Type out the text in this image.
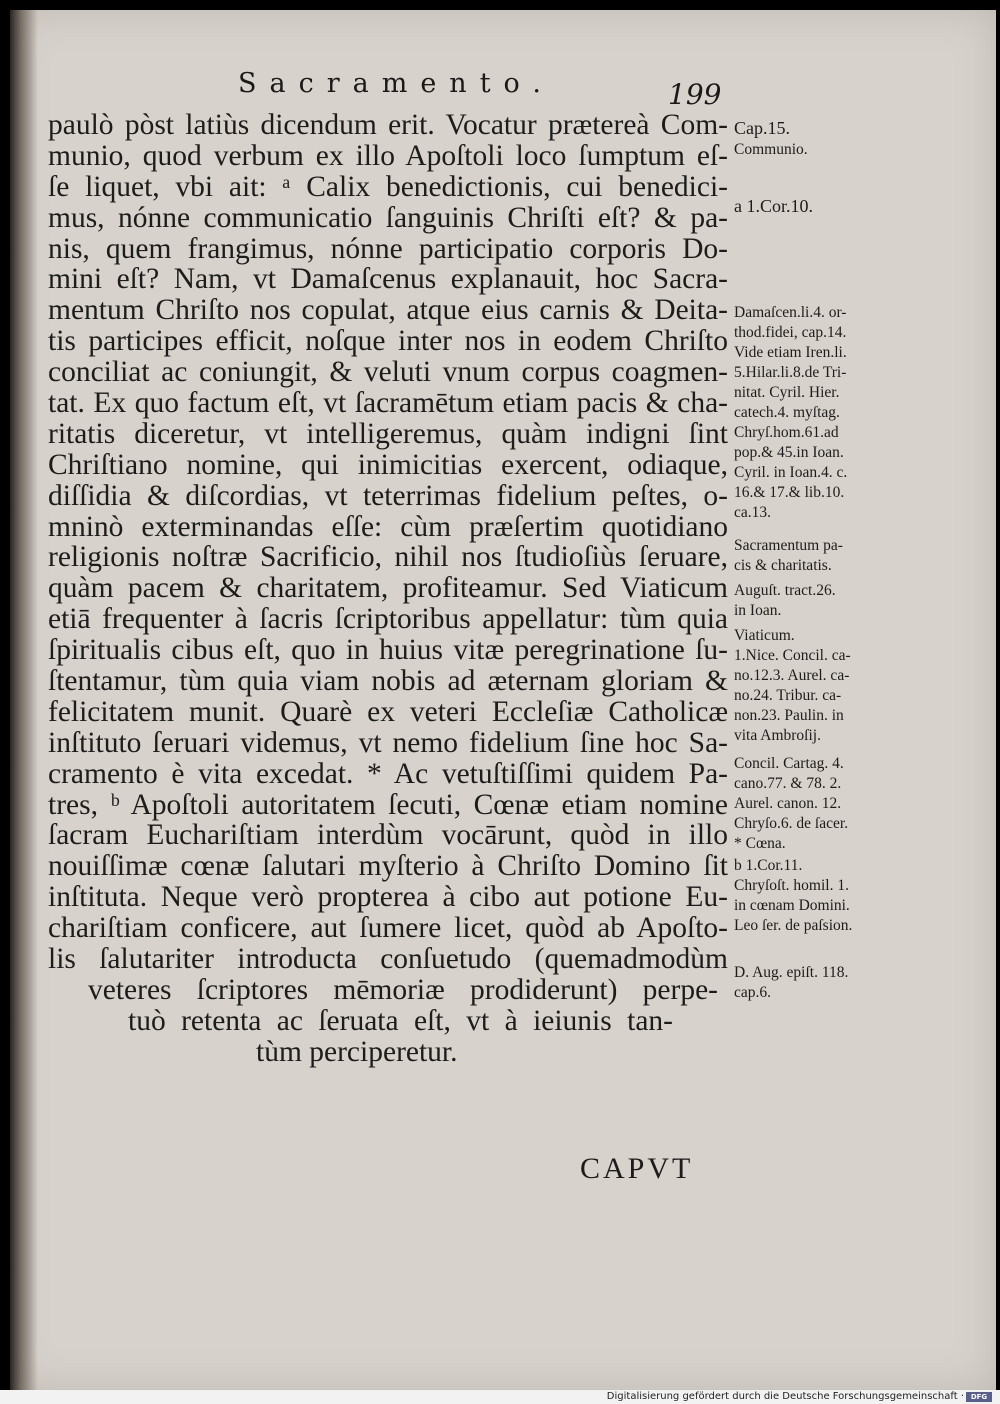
Sacramento.	199
paulò pòst latiùs dicendum erit. Vocatur prætereà Com-
munio, quod verbum ex illo Apoſtoli loco ſumptum eſ-
ſe liquet, vbi ait: ᵃ Calix benedictionis, cui benedici-
mus, nónne communicatio ſanguinis Chriſti eſt? & pa-
nis, quem frangimus, nónne participatio corporis Do-
mini eſt? Nam, vt Damaſcenus explanauit, hoc Sacra-
mentum Chriſto nos copulat, atque eius carnis & Deita-
tis participes efficit, noſque inter nos in eodem Chriſto
conciliat ac coniungit, & veluti vnum corpus coagmen-
tat. Ex quo factum eſt, vt ſacramētum etiam pacis & cha-
ritatis diceretur, vt intelligeremus, quàm indigni ſint
Chriſtiano nomine, qui inimicitias exercent, odiaque,
diſſidia & diſcordias, vt teterrimas fidelium peſtes, o-
mninò exterminandas eſſe: cùm præſertim quotidiano
religionis noſtræ Sacrificio, nihil nos ſtudioſiùs ſeruare,
quàm pacem & charitatem, profiteamur. Sed Viaticum
etiā frequenter à ſacris ſcriptoribus appellatur: tùm quia
ſpiritualis cibus eſt, quo in huius vitæ peregrinatione ſu-
ſtentamur, tùm quia viam nobis ad æternam gloriam &
felicitatem munit. Quarè ex veteri Eccleſiæ Catholicæ
inſtituto ſeruari videmus, vt nemo fidelium ſine hoc Sa-
cramento è vita excedat. * Ac vetuſtiſſimi quidem Pa-
tres, ᵇ Apoſtoli autoritatem ſecuti, Cœnæ etiam nomine
ſacram Euchariſtiam interdùm vocārunt, quòd in illo
nouiſſimæ cœnæ ſalutari myſterio à Chriſto Domino ſit
inſtituta. Neque verò propterea à cibo aut potione Eu-
chariſtiam conficere, aut ſumere licet, quòd ab Apoſto-
lis ſalutariter introducta conſuetudo (quemadmodùm
veteres ſcriptores mēmoriæ prodiderunt) perpe-
tuò retenta ac ſeruata eſt, vt à ieiunis tan-
tùm perciperetur.
Cap.15.
Communio.
a 1.Cor.10.
Damaſcen.li.4. or-
thod.fidei, cap.14.
Vide etiam Iren.li.
5.Hilar.li.8.de Tri-
nitat. Cyril. Hier.
catech.4. myſtag.
Chryſ.hom.61.ad
pop.& 45.in Ioan.
Cyril. in Ioan.4. c.
16.& 17.& lib.10.
ca.13.
Sacramentum pa-
cis & charitatis.
Auguſt. tract.26.
in Ioan.
Viaticum.
1.Nice. Concil. ca-
no.12.3. Aurel. ca-
no.24. Tribur. ca-
non.23. Paulin. in
vita Ambroſij.
Concil. Cartag. 4.
cano.77. & 78. 2.
Aurel. canon. 12.
Chryſo.6. de ſacer.
* Cœna.
b 1.Cor.11.
Chryſoſt. homil. 1.
in cœnam Domini.
Leo ſer. de paſsion.
D. Aug. epiſt. 118.
cap.6.
CAPVT
Digitalisierung gefördert durch die Deutsche Forschungsgemeinschaft · DFG
